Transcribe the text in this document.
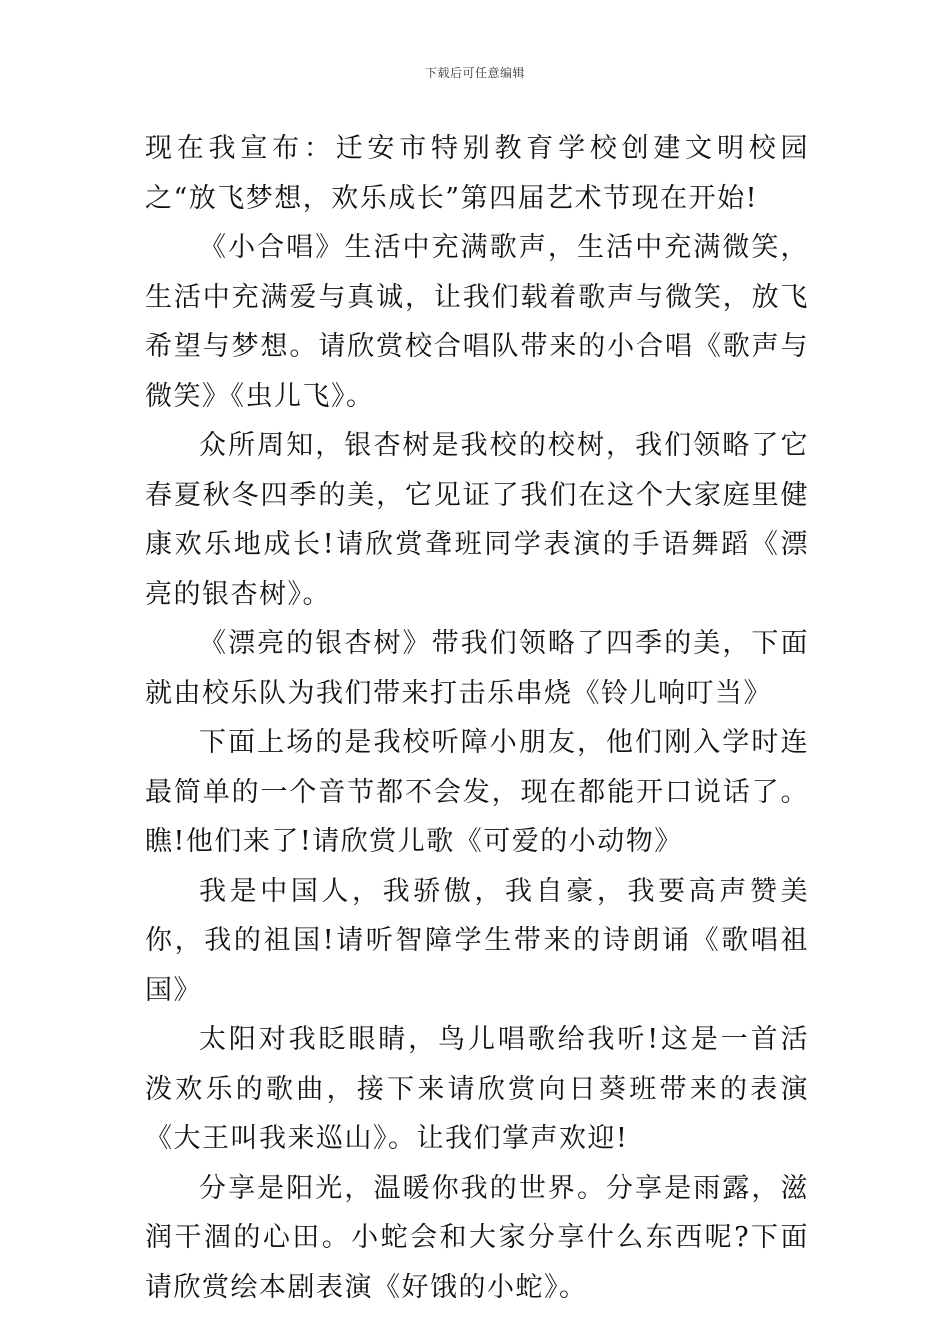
下载后可任意编辑

现在我宣布：迁安市特别教育学校创建文明校园之“放飞梦想，欢乐成长”第四届艺术节现在开始!

《小合唱》生活中充满歌声，生活中充满微笑，生活中充满爱与真诚，让我们载着歌声与微笑，放飞希望与梦想。请欣赏校合唱队带来的小合唱《歌声与微笑》《虫儿飞》。

众所周知，银杏树是我校的校树，我们领略了它春夏秋冬四季的美，它见证了我们在这个大家庭里健康欢乐地成长!请欣赏聋班同学表演的手语舞蹈《漂亮的银杏树》。

《漂亮的银杏树》带我们领略了四季的美，下面就由校乐队为我们带来打击乐串烧《铃儿响叮当》

下面上场的是我校听障小朋友，他们刚入学时连最简单的一个音节都不会发，现在都能开口说话了。瞧!他们来了!请欣赏儿歌《可爱的小动物》

我是中国人，我骄傲，我自豪，我要高声赞美你，我的祖国!请听智障学生带来的诗朗诵《歌唱祖国》

太阳对我眨眼睛，鸟儿唱歌给我听!这是一首活泼欢乐的歌曲，接下来请欣赏向日葵班带来的表演《大王叫我来巡山》。让我们掌声欢迎!

分享是阳光，温暖你我的世界。分享是雨露，滋润干涸的心田。小蛇会和大家分享什么东西呢?下面请欣赏绘本剧表演《好饿的小蛇》。
